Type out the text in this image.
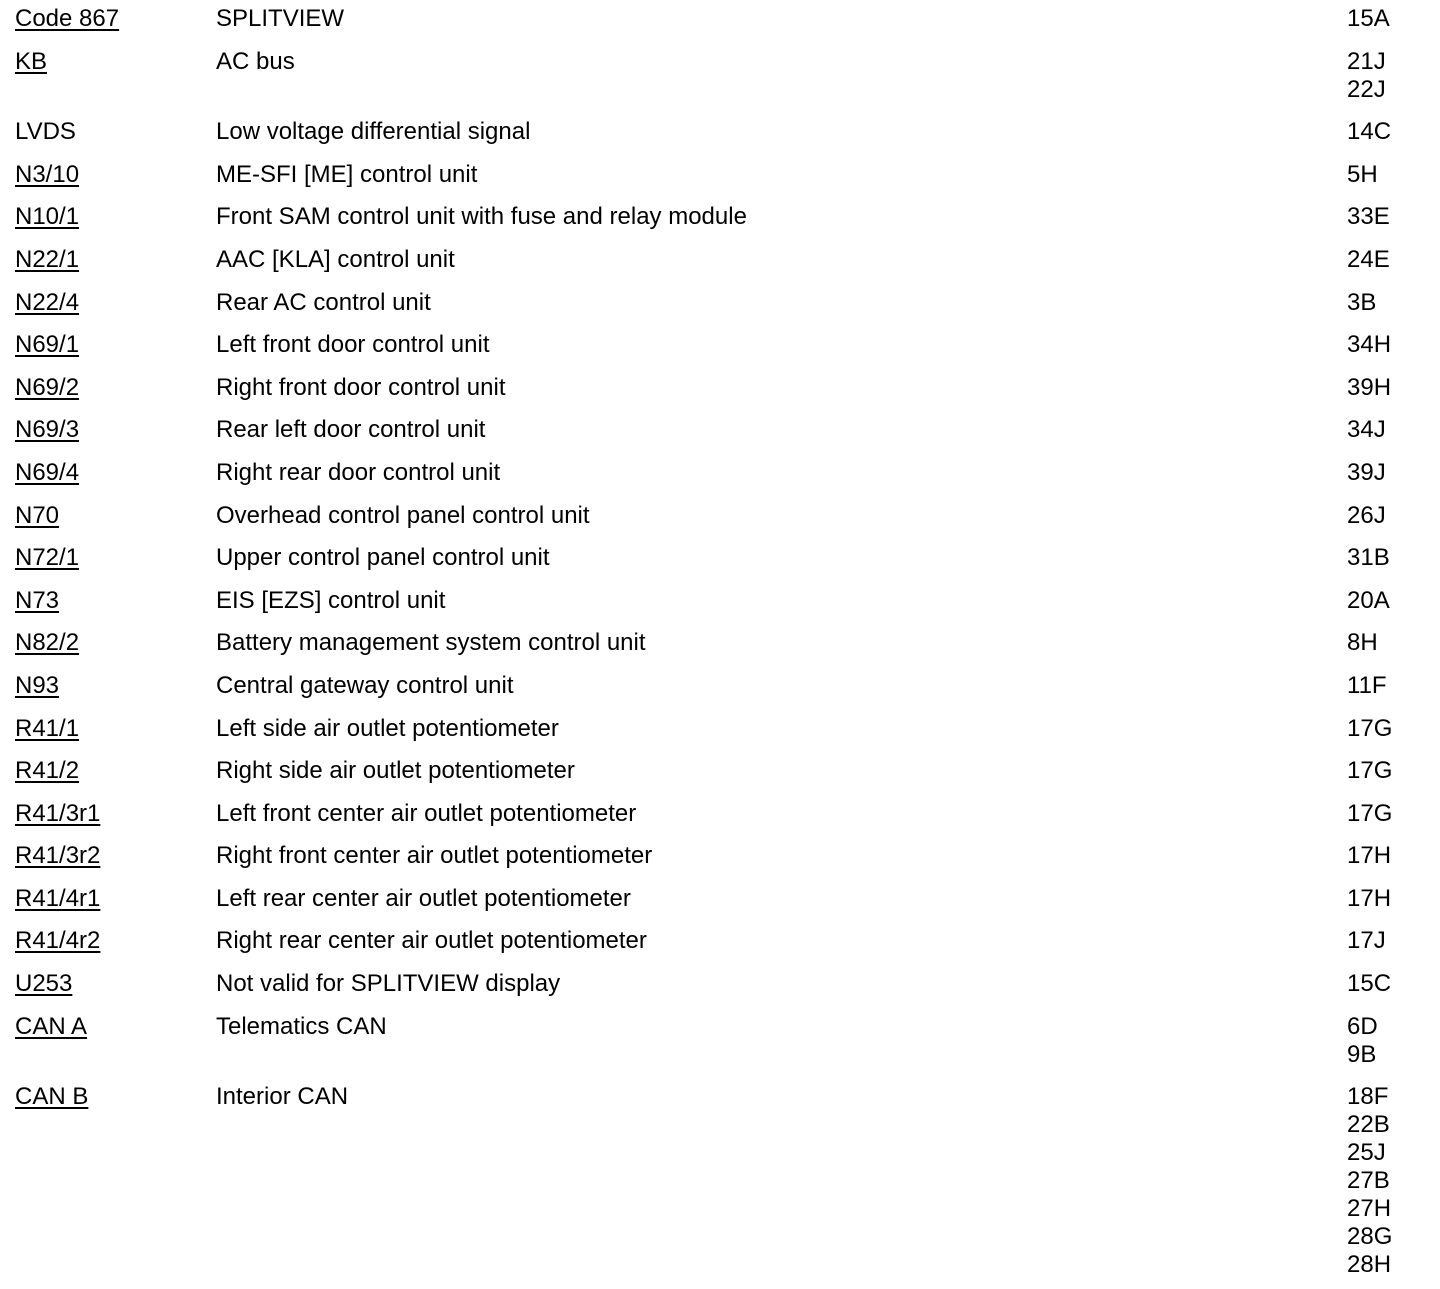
Code 867	SPLITVIEW	15A
KB	AC bus	21J
22J
LVDS	Low voltage differential signal	14C
N3/10	ME-SFI [ME] control unit	5H
N10/1	Front SAM control unit with fuse and relay module	33E
N22/1	AAC [KLA] control unit	24E
N22/4	Rear AC control unit	3B
N69/1	Left front door control unit	34H
N69/2	Right front door control unit	39H
N69/3	Rear left door control unit	34J
N69/4	Right rear door control unit	39J
N70	Overhead control panel control unit	26J
N72/1	Upper control panel control unit	31B
N73	EIS [EZS] control unit	20A
N82/2	Battery management system control unit	8H
N93	Central gateway control unit	11F
R41/1	Left side air outlet potentiometer	17G
R41/2	Right side air outlet potentiometer	17G
R41/3r1	Left front center air outlet potentiometer	17G
R41/3r2	Right front center air outlet potentiometer	17H
R41/4r1	Left rear center air outlet potentiometer	17H
R41/4r2	Right rear center air outlet potentiometer	17J
U253	Not valid for SPLITVIEW display	15C
CAN A	Telematics CAN	6D
9B
CAN B	Interior CAN	18F
22B
25J
27B
27H
28G
28H
